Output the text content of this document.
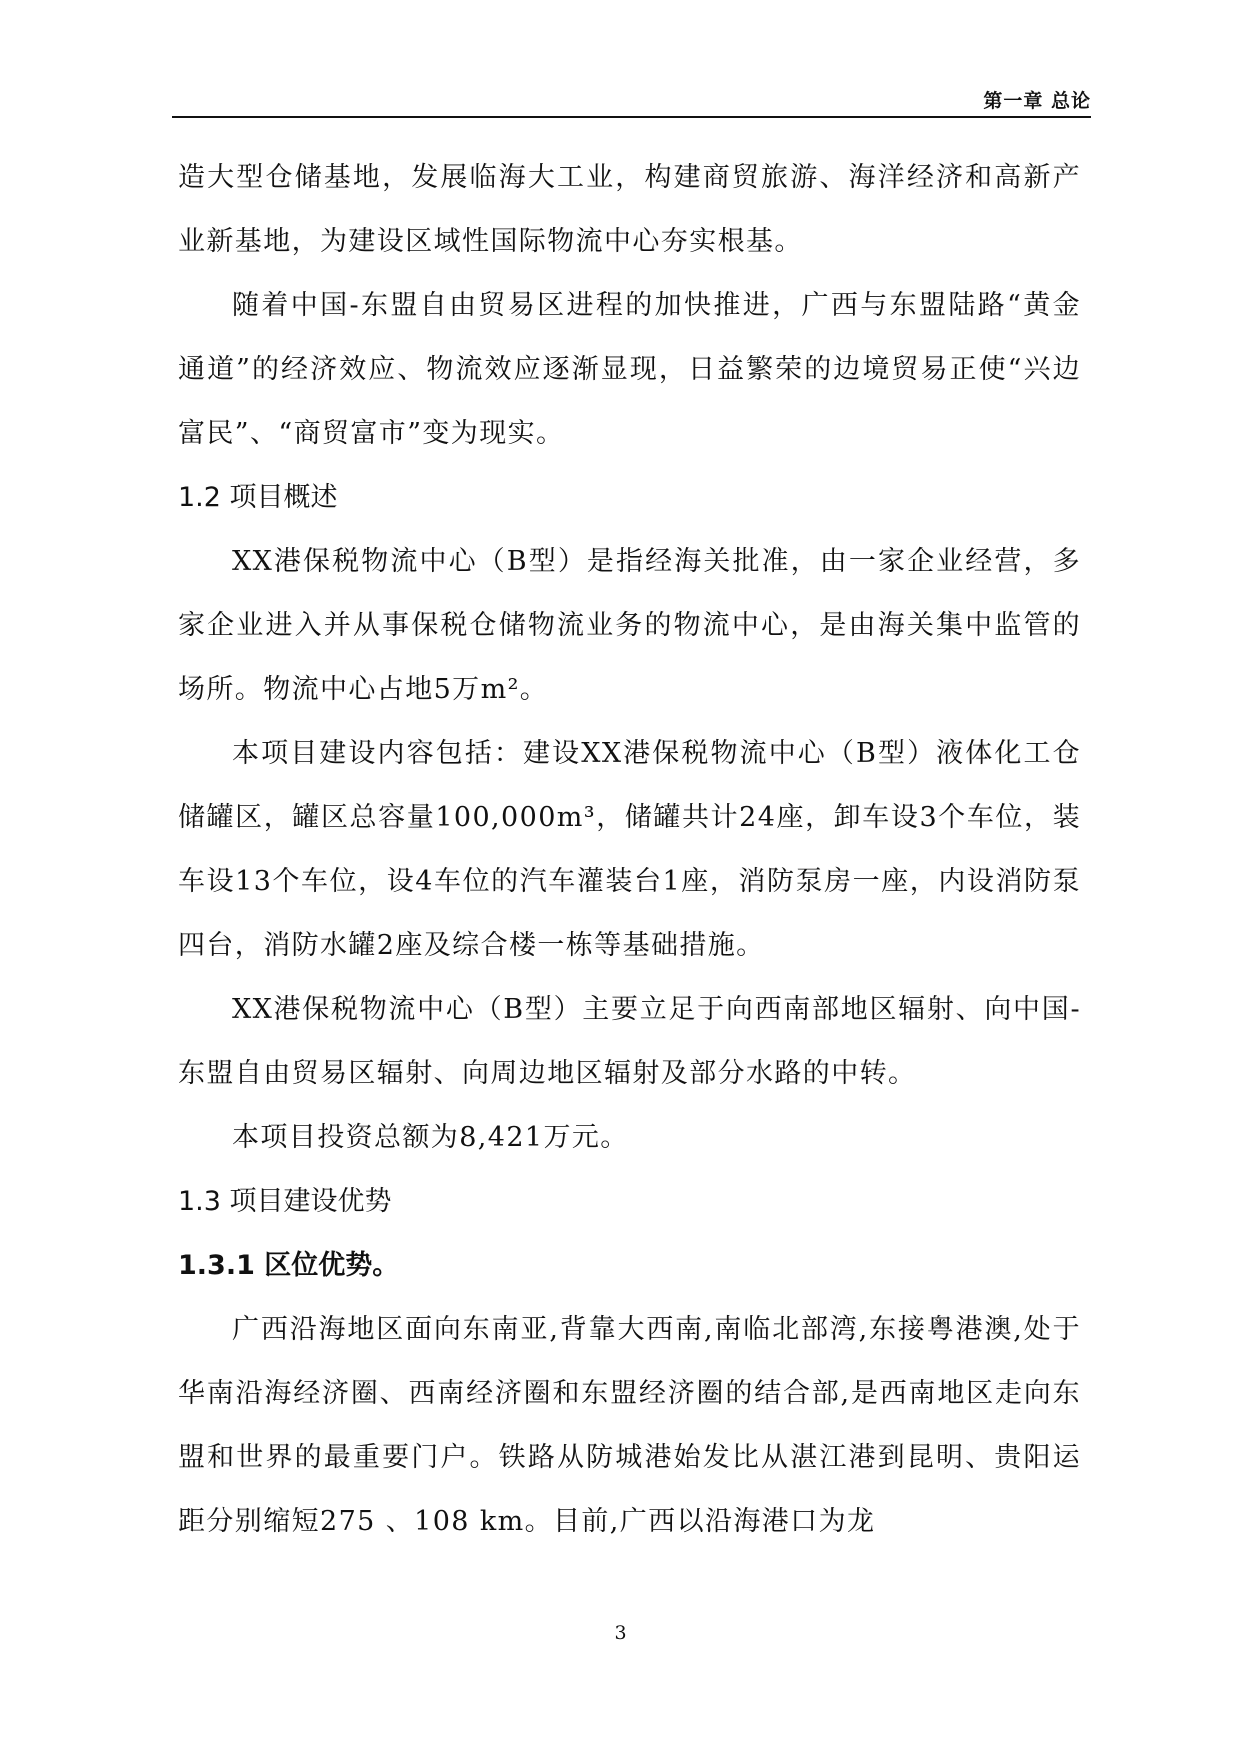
第一章 总论

造大型仓储基地，发展临海大工业，构建商贸旅游、海洋经济和高新产业新基地，为建设区域性国际物流中心夯实根基。

随着中国-东盟自由贸易区进程的加快推进，广西与东盟陆路“黄金通道”的经济效应、物流效应逐渐显现，日益繁荣的边境贸易正使“兴边富民”、“商贸富市”变为现实。

1.2 项目概述

XX港保税物流中心（B型）是指经海关批准，由一家企业经营，多家企业进入并从事保税仓储物流业务的物流中心，是由海关集中监管的场所。物流中心占地5万m²。

本项目建设内容包括：建设XX港保税物流中心（B型）液体化工仓储罐区，罐区总容量100,000m³，储罐共计24座，卸车设3个车位，装车设13个车位，设4车位的汽车灌装台1座，消防泵房一座，内设消防泵四台，消防水罐2座及综合楼一栋等基础措施。

XX港保税物流中心（B型）主要立足于向西南部地区辐射、向中国-东盟自由贸易区辐射、向周边地区辐射及部分水路的中转。

本项目投资总额为8,421万元。

1.3 项目建设优势
1.3.1 区位优势。

广西沿海地区面向东南亚,背靠大西南,南临北部湾,东接粤港澳,处于华南沿海经济圈、西南经济圈和东盟经济圈的结合部,是西南地区走向东盟和世界的最重要门户。铁路从防城港始发比从湛江港到昆明、贵阳运距分别缩短275 、108 km。目前,广西以沿海港口为龙

3
